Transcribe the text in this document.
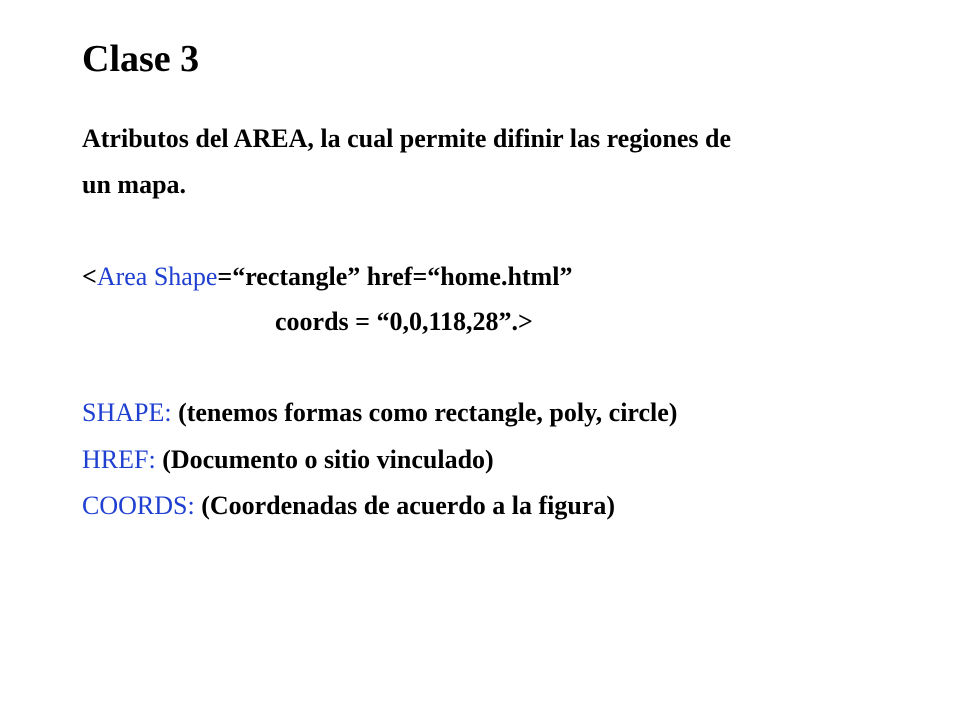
Clase 3
Atributos del AREA, la cual permite difinir las regiones de
un mapa.
<Area Shape=“rectangle” href=“home.html”
coords = “0,0,118,28”.>
SHAPE: (tenemos formas como rectangle, poly, circle)
HREF: (Documento o sitio vinculado)
COORDS: (Coordenadas de acuerdo a la figura)
